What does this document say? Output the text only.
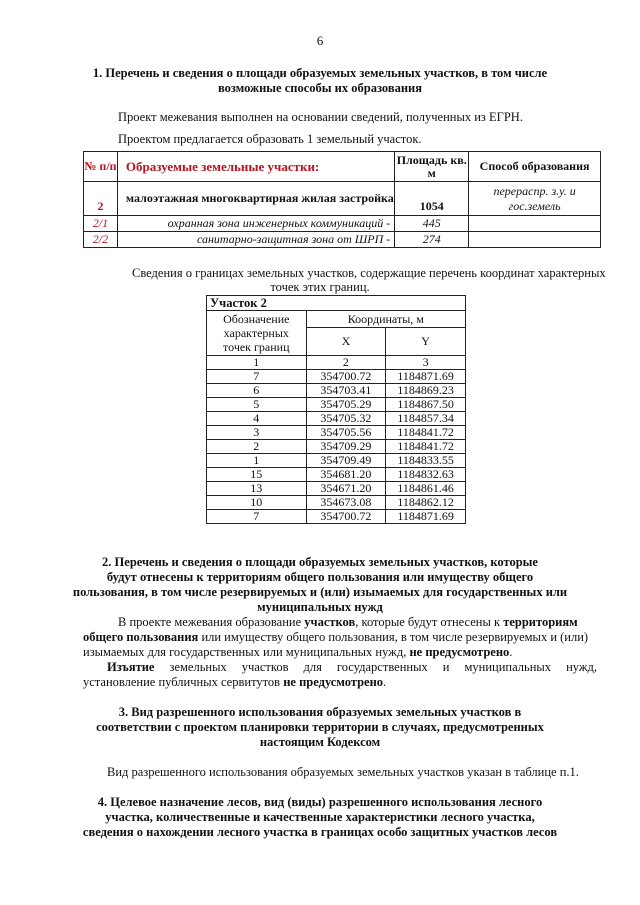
6
1. Перечень и сведения о площади образуемых земельных участков, в том числе
возможные способы их образования
Проект межевания выполнен на основании сведений, полученных из ЕГРН.
Проектом предлагается образовать 1 земельный участок.
№ п/п	Образуемые земельные участки:	Площадь кв. м	Способ образования
2	малоэтажная многоквартирная жилая застройка	1054	перераспр. з.у. и гос.земель
2/1	охранная зона инженерных коммуникаций -	445	
2/2	санитарно-защитная зона от ШРП -	274	
Сведения о границах земельных участков, содержащие перечень координат характерных
точек этих границ.
Участок 2		
Обозначение характерных точек границ	Координаты, м	
	X	Y
1	2	3
7	354700.72	1184871.69
6	354703.41	1184869.23
5	354705.29	1184867.50
4	354705.32	1184857.34
3	354705.56	1184841.72
2	354709.29	1184841.72
1	354709.49	1184833.55
15	354681.20	1184832.63
13	354671.20	1184861.46
10	354673.08	1184862.12
7	354700.72	1184871.69
2. Перечень и сведения о площади образуемых земельных участков, которые
будут отнесены к территориям общего пользования или имуществу общего
пользования, в том числе резервируемых и (или) изымаемых для государственных или
муниципальных нужд
В проекте межевания образование участков, которые будут отнесены к территориям
общего пользования или имуществу общего пользования, в том числе резервируемых и (или)
изымаемых для государственных или муниципальных нужд, не предусмотрено.
Изъятие земельных участков для государственных и муниципальных нужд,
установление публичных сервитутов не предусмотрено.
3. Вид разрешенного использования образуемых земельных участков в
соответствии с проектом планировки территории в случаях, предусмотренных
настоящим Кодексом
Вид разрешенного использования образуемых земельных участков указан в таблице п.1.
4. Целевое назначение лесов, вид (виды) разрешенного использования лесного
участка, количественные и качественные характеристики лесного участка,
сведения о нахождении лесного участка в границах особо защитных участков лесов
